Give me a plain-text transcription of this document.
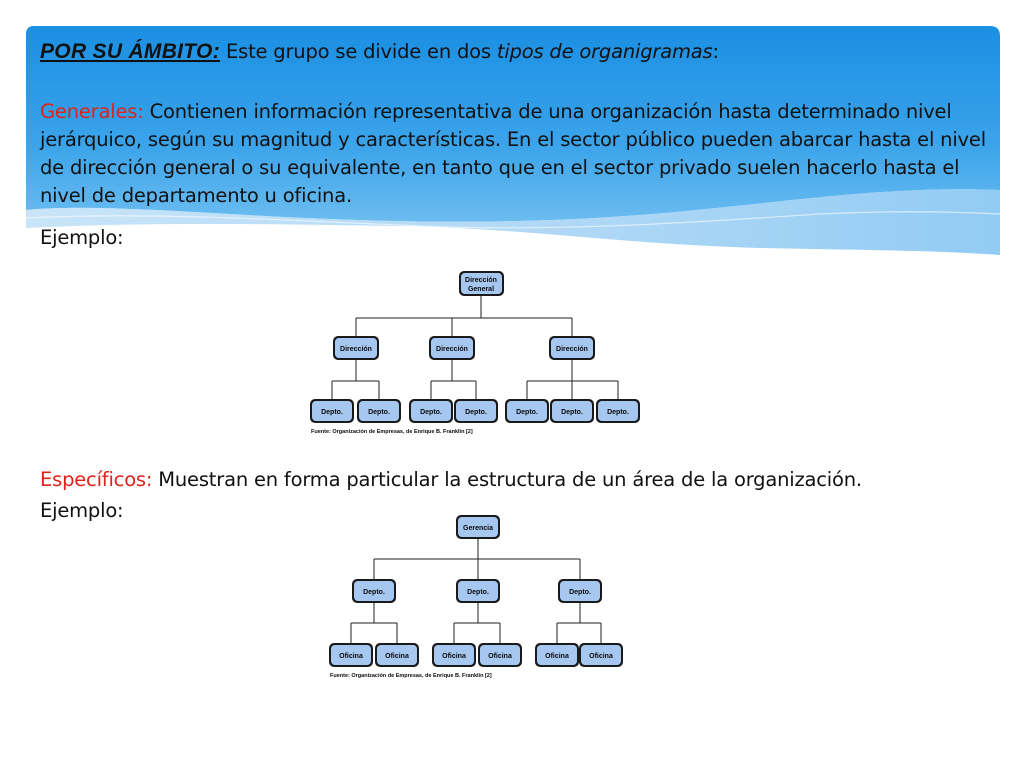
POR SU ÁMBITO: Este grupo se divide en dos tipos de organigramas:
Generales: Contienen información representativa de una organización hasta determinado nivel jerárquico, según su magnitud y características. En el sector público pueden abarcar hasta el nivel de dirección general o su equivalente, en tanto que en el sector privado suelen hacerlo hasta el nivel de departamento u oficina.
Ejemplo:
Dirección
General
Dirección	Dirección	Dirección
Depto.	Depto.	Depto.	Depto.	Depto.	Depto.	Depto.
Fuente: Organización de Empresas, de Enrique B. Franklin [2]
Específicos: Muestran en forma particular la estructura de un área de la organización.
Ejemplo:
Gerencia
Depto.	Depto.	Depto.
Oficina	Oficina	Oficina	Oficina	Oficina	Oficina
Fuente: Organización de Empresas, de Enrique B. Franklin [2]
